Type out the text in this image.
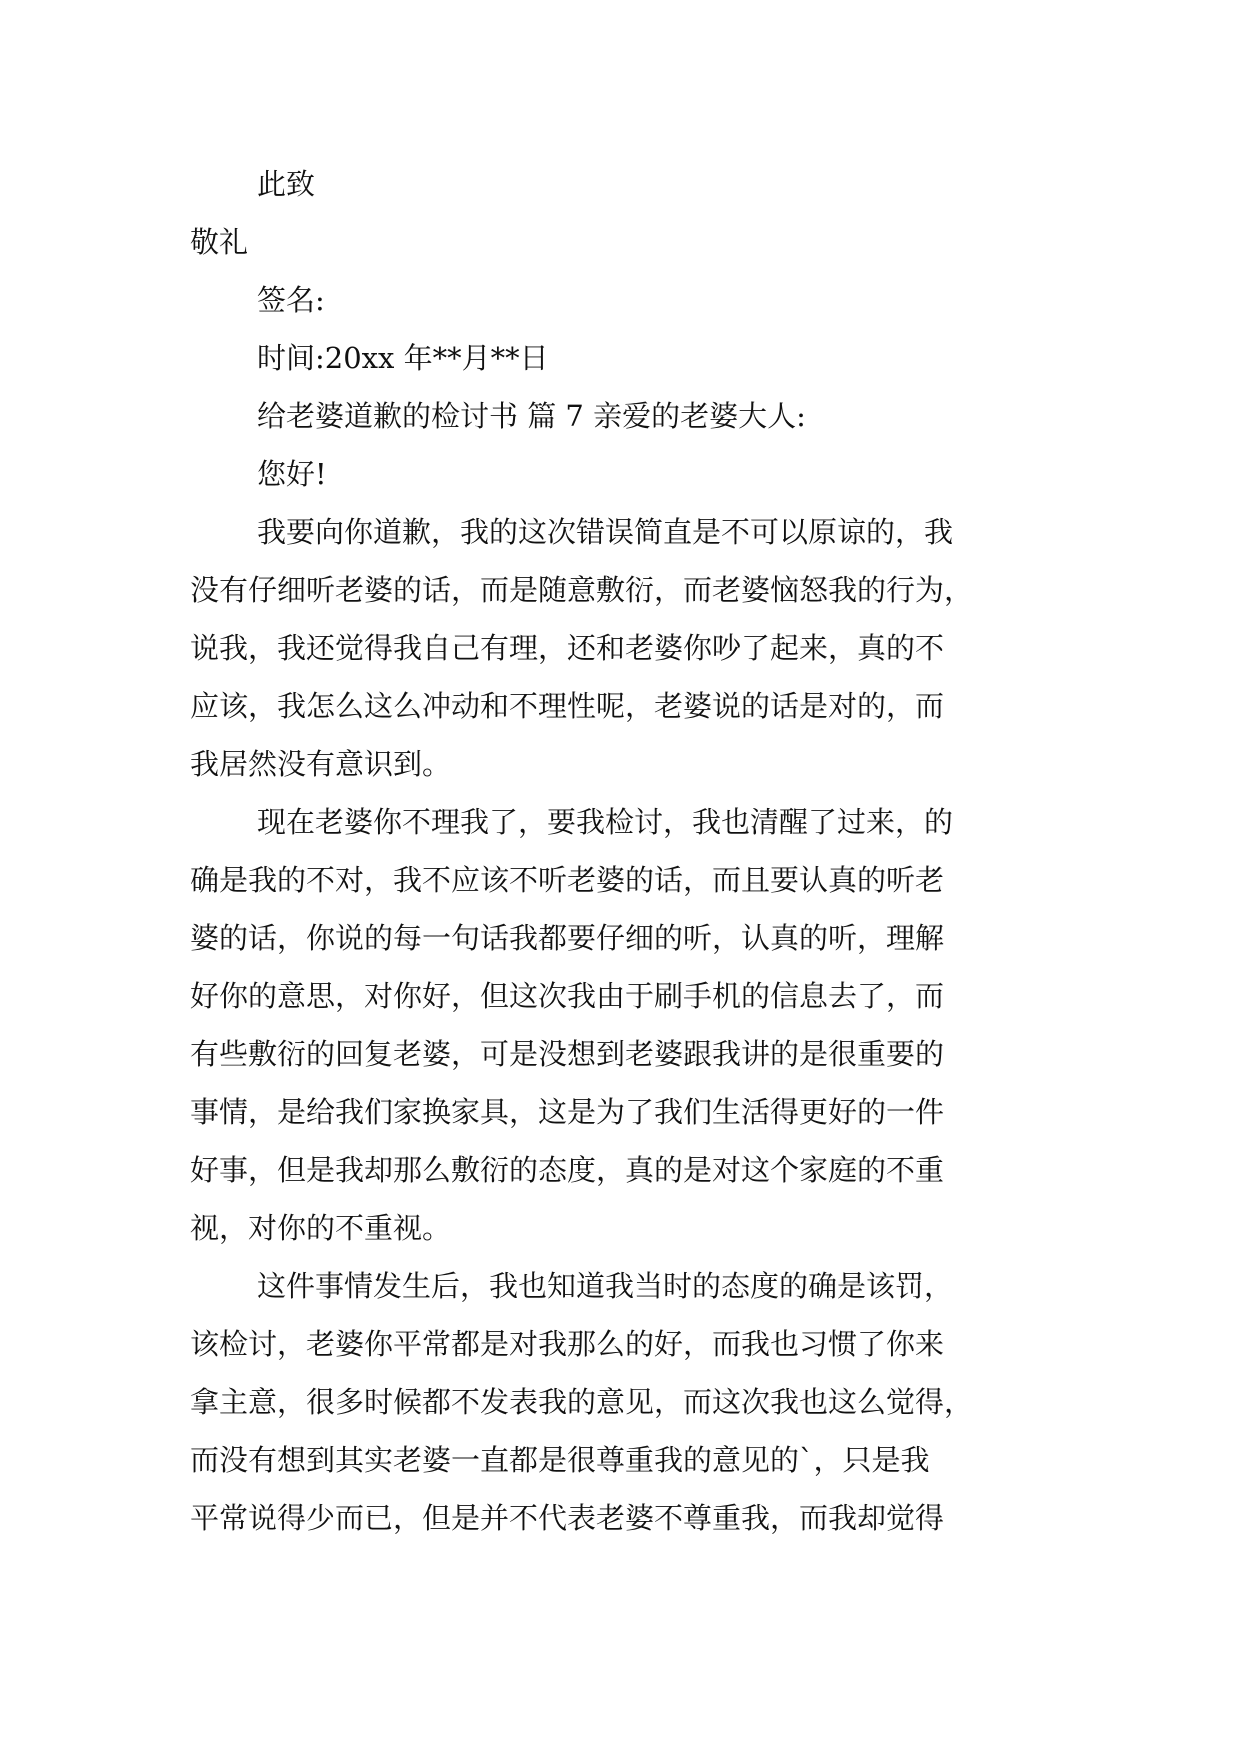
此致
敬礼
签名:
时间:20xx 年**月**日
给老婆道歉的检讨书 篇 7 亲爱的老婆大人:
您好!
我要向你道歉，我的这次错误简直是不可以原谅的，我
没有仔细听老婆的话，而是随意敷衍，而老婆恼怒我的行为，
说我，我还觉得我自己有理，还和老婆你吵了起来，真的不
应该，我怎么这么冲动和不理性呢，老婆说的话是对的，而
我居然没有意识到。
现在老婆你不理我了，要我检讨，我也清醒了过来，的
确是我的不对，我不应该不听老婆的话，而且要认真的听老
婆的话，你说的每一句话我都要仔细的听，认真的听，理解
好你的意思，对你好，但这次我由于刷手机的信息去了，而
有些敷衍的回复老婆，可是没想到老婆跟我讲的是很重要的
事情，是给我们家换家具，这是为了我们生活得更好的一件
好事，但是我却那么敷衍的态度，真的是对这个家庭的不重
视，对你的不重视。
这件事情发生后，我也知道我当时的态度的确是该罚，
该检讨，老婆你平常都是对我那么的好，而我也习惯了你来
拿主意，很多时候都不发表我的意见，而这次我也这么觉得，
而没有想到其实老婆一直都是很尊重我的意见的`，只是我
平常说得少而已，但是并不代表老婆不尊重我，而我却觉得
